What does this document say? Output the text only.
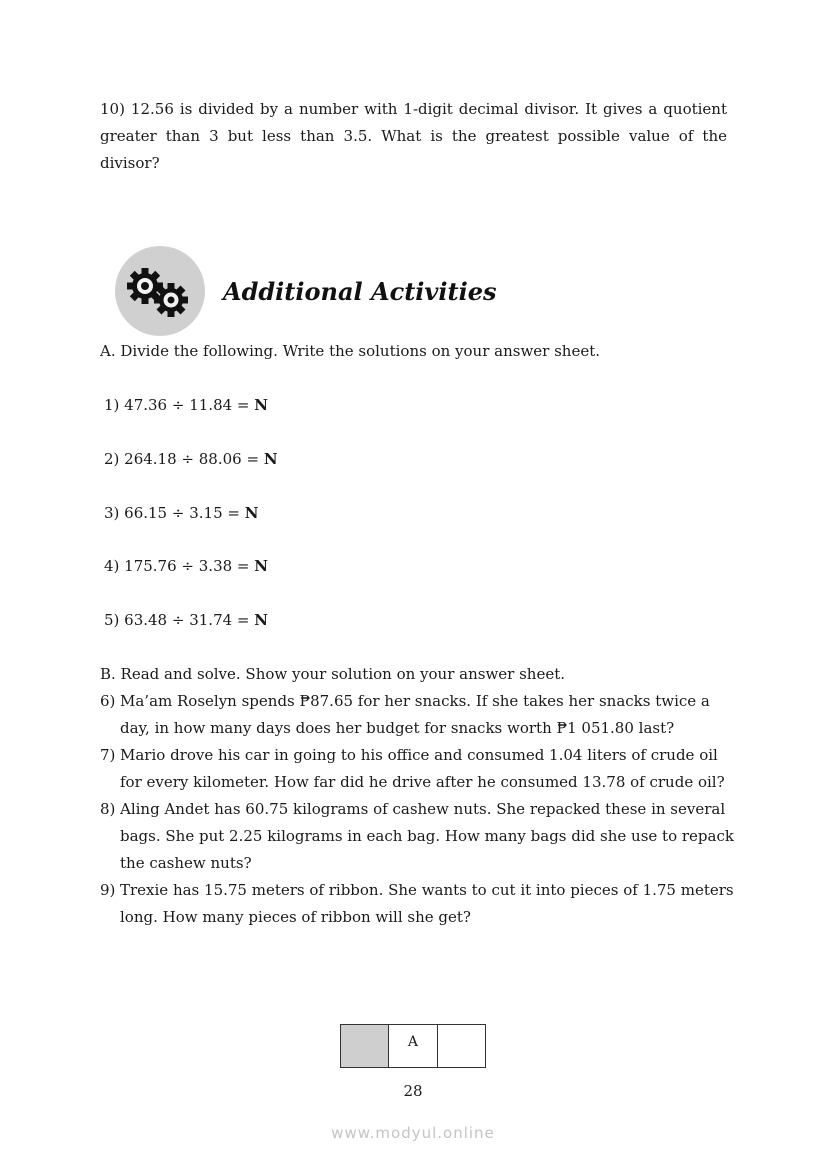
10) 12.56 is divided by a number with 1-digit decimal divisor. It gives a quotient greater than 3 but less than 3.5. What is the greatest possible value of the divisor?
Additional Activities
A. Divide the following. Write the solutions on your answer sheet.
1) 47.36 ÷ 11.84 = N
2) 264.18 ÷ 88.06 = N
3) 66.15 ÷ 3.15 = N
4) 175.76 ÷ 3.38 = N
5) 63.48 ÷ 31.74 = N
B. Read and solve. Show your solution on your answer sheet.
6) Ma’am Roselyn spends ₱87.65 for her snacks. If she takes her snacks twice a day, in how many days does her budget for snacks worth ₱1 051.80 last?
7) Mario drove his car in going to his office and consumed 1.04 liters of crude oil for every kilometer. How far did he drive after he consumed 13.78 of crude oil?
8) Aling Andet has 60.75 kilograms of cashew nuts. She repacked these in several bags. She put 2.25 kilograms in each bag. How many bags did she use to repack the cashew nuts?
9) Trexie has 15.75 meters of ribbon. She wants to cut it into pieces of 1.75 meters long. How many pieces of ribbon will she get?
A
28
www.modyul.online
